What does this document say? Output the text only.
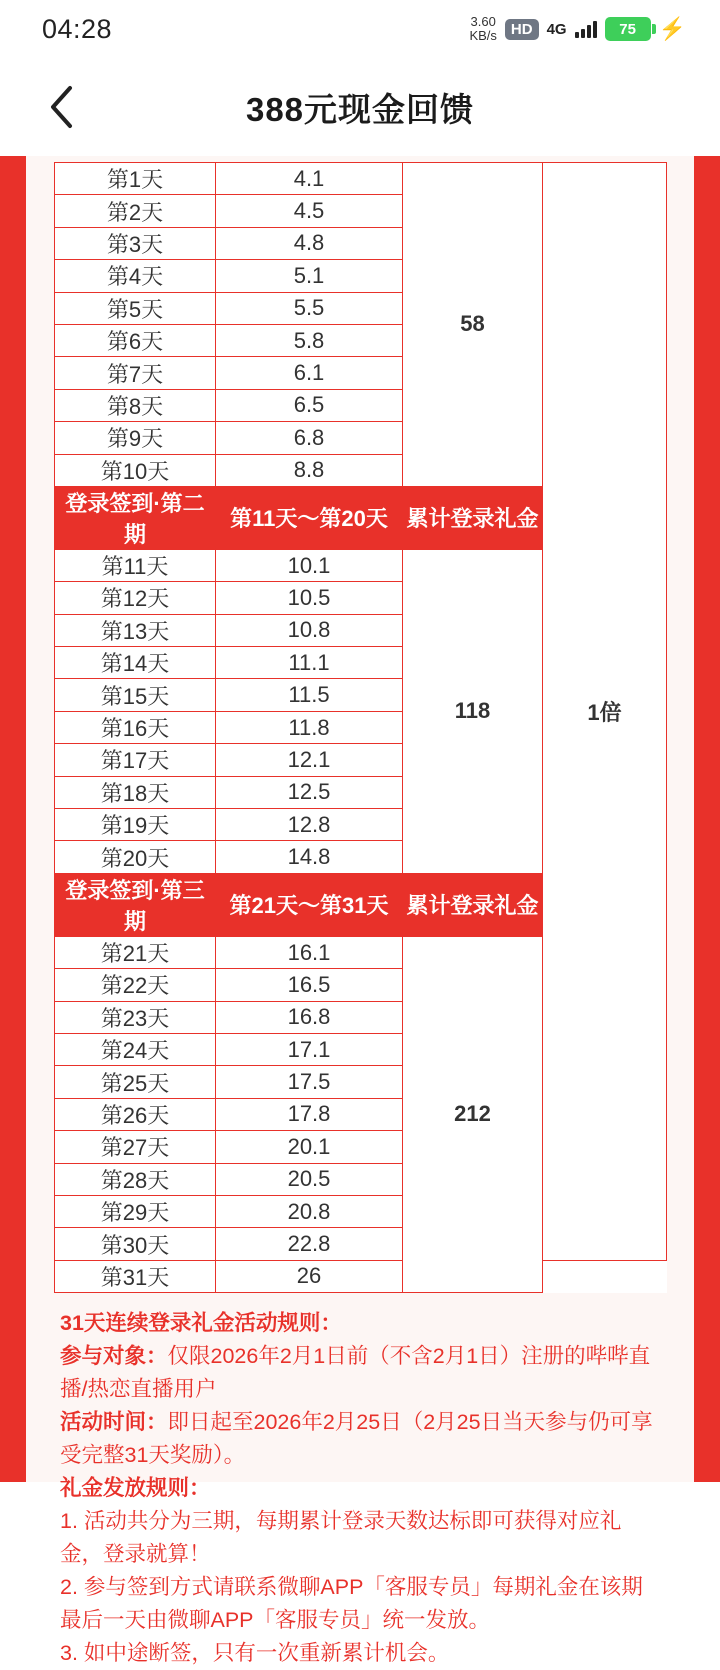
04:28	3.60
KB/s HD 4G	75	⚡
388元现金回馈
第1天	4.1	58	1倍
第2天	4.5		
第3天	4.8		
第4天	5.1		
第5天	5.5		
第6天	5.8		
第7天	6.1		
第8天	6.5		
第9天	6.8		
第10天	8.8		
登录签到·第二期	第11天～第20天	累计登录礼金	
第11天	10.1	118	
第12天	10.5		
第13天	10.8		
第14天	11.1		
第15天	11.5		
第16天	11.8		
第17天	12.1		
第18天	12.5		
第19天	12.8		
第20天	14.8		
登录签到·第三期	第21天～第31天	累计登录礼金	
第21天	16.1	212	
第22天	16.5		
第23天	16.8		
第24天	17.1		
第25天	17.5		
第26天	17.8		
第27天	20.1		
第28天	20.5		
第29天	20.8		
第30天	22.8		
第31天	26		
31天连续登录礼金活动规则：
参与对象：仅限2026年2月1日前（不含2月1日）注册的哔哔直播/热恋直播用户
活动时间：即日起至2026年2月25日（2月25日当天参与仍可享受完整31天奖励）。
礼金发放规则：
1. 活动共分为三期，每期累计登录天数达标即可获得对应礼金，登录就算！
2. 参与签到方式请联系微聊APP「客服专员」每期礼金在该期最后一天由微聊APP「客服专员」统一发放。
3. 如中途断签，只有一次重新累计机会。
